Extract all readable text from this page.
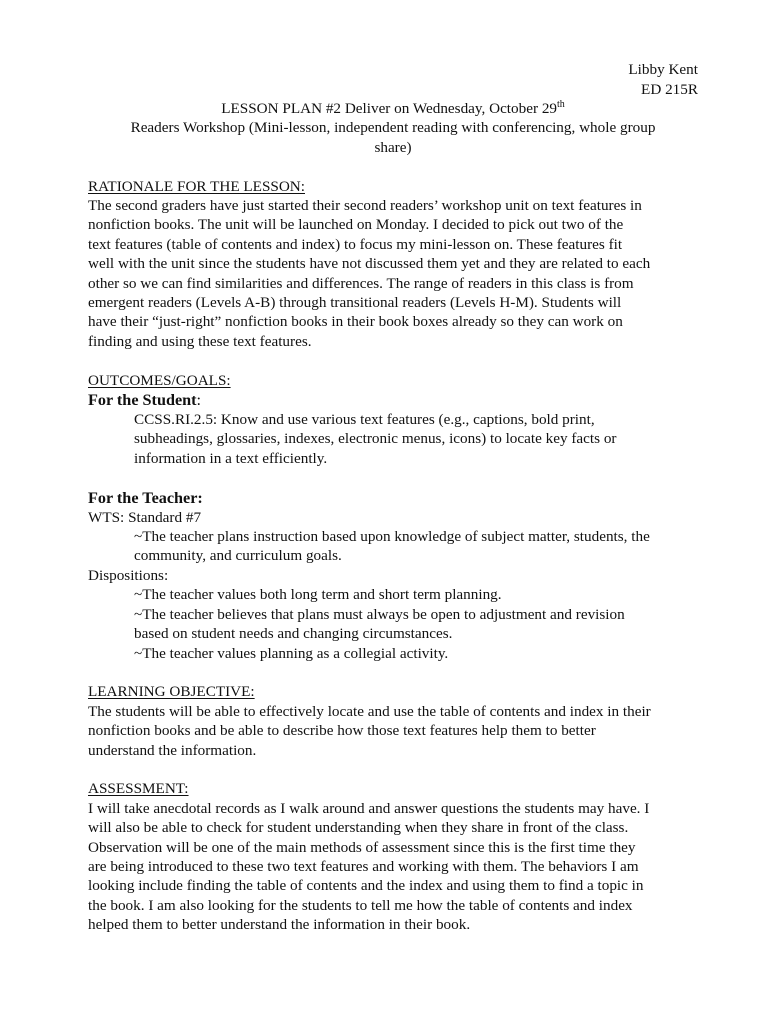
Libby Kent
ED 215R
LESSON PLAN #2 Deliver on Wednesday, October 29th
Readers Workshop (Mini-lesson, independent reading with conferencing, whole group
share)
RATIONALE FOR THE LESSON:
The second graders have just started their second readers’ workshop unit on text features in
nonfiction books. The unit will be launched on Monday. I decided to pick out two of the
text features (table of contents and index) to focus my mini-lesson on. These features fit
well with the unit since the students have not discussed them yet and they are related to each
other so we can find similarities and differences. The range of readers in this class is from
emergent readers (Levels A-B) through transitional readers (Levels H-M). Students will
have their “just-right” nonfiction books in their book boxes already so they can work on
finding and using these text features.
OUTCOMES/GOALS:
For the Student:
CCSS.RI.2.5: Know and use various text features (e.g., captions, bold print,
subheadings, glossaries, indexes, electronic menus, icons) to locate key facts or
information in a text efficiently.
For the Teacher:
WTS: Standard #7
~The teacher plans instruction based upon knowledge of subject matter, students, the
community, and curriculum goals.
Dispositions:
~The teacher values both long term and short term planning.
~The teacher believes that plans must always be open to adjustment and revision
based on student needs and changing circumstances.
~The teacher values planning as a collegial activity.
LEARNING OBJECTIVE:
The students will be able to effectively locate and use the table of contents and index in their
nonfiction books and be able to describe how those text features help them to better
understand the information.
ASSESSMENT:
I will take anecdotal records as I walk around and answer questions the students may have. I
will also be able to check for student understanding when they share in front of the class.
Observation will be one of the main methods of assessment since this is the first time they
are being introduced to these two text features and working with them. The behaviors I am
looking include finding the table of contents and the index and using them to find a topic in
the book. I am also looking for the students to tell me how the table of contents and index
helped them to better understand the information in their book.
